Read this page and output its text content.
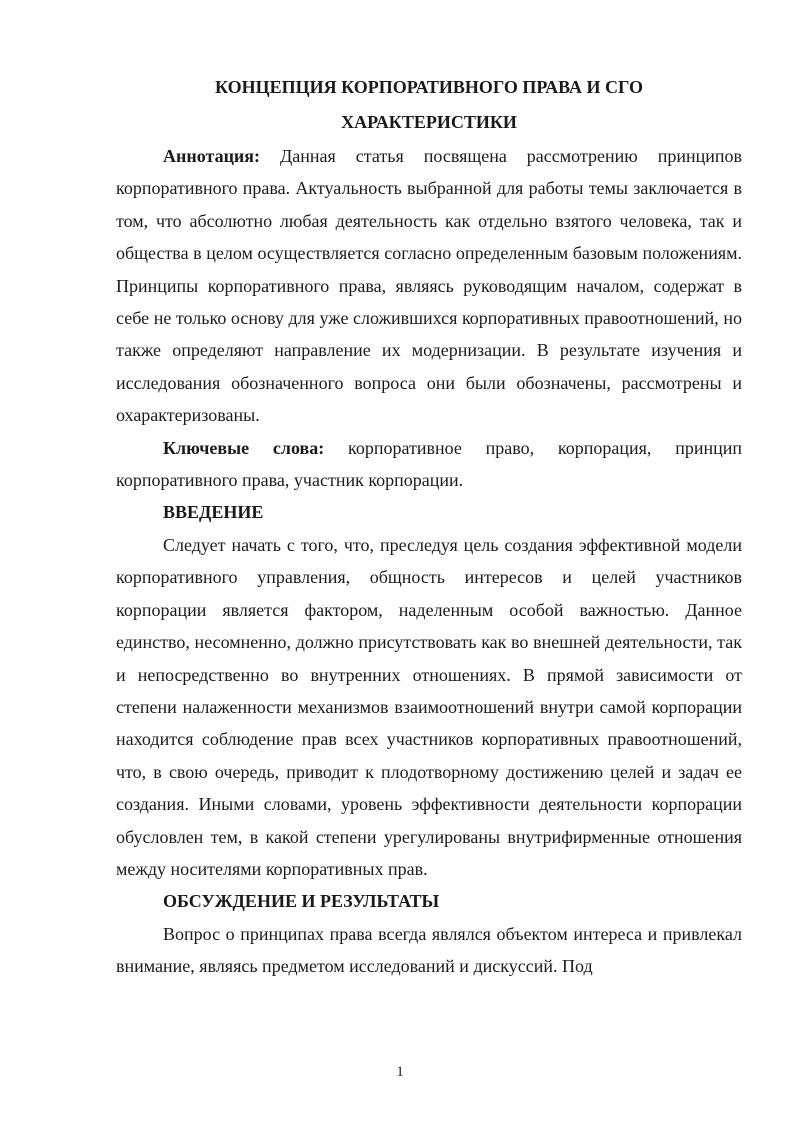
КОНЦЕПЦИЯ КОРПОРАТИВНОГО ПРАВА И СГО
ХАРАКТЕРИСТИКИ

Аннотация: Данная статья посвящена рассмотрению принципов корпоративного права. Актуальность выбранной для работы темы заключается в том, что абсолютно любая деятельность как отдельно взятого человека, так и общества в целом осуществляется согласно определенным базовым положениям. Принципы корпоративного права, являясь руководящим началом, содержат в себе не только основу для уже сложившихся корпоративных правоотношений, но также определяют направление их модернизации. В результате изучения и исследования обозначенного вопроса они были обозначены, рассмотрены и охарактеризованы.

Ключевые слова: корпоративное право, корпорация, принцип корпоративного права, участник корпорации.

ВВЕДЕНИЕ

Следует начать с того, что, преследуя цель создания эффективной модели корпоративного управления, общность интересов и целей участников корпорации является фактором, наделенным особой важностью. Данное единство, несомненно, должно присутствовать как во внешней деятельности, так и непосредственно во внутренних отношениях. В прямой зависимости от степени налаженности механизмов взаимоотношений внутри самой корпорации находится соблюдение прав всех участников корпоративных правоотношений, что, в свою очередь, приводит к плодотворному достижению целей и задач ее создания. Иными словами, уровень эффективности деятельности корпорации обусловлен тем, в какой степени урегулированы внутрифирменные отношения между носителями корпоративных прав.

ОБСУЖДЕНИЕ И РЕЗУЛЬТАТЫ

Вопрос о принципах права всегда являлся объектом интереса и привлекал внимание, являясь предметом исследований и дискуссий. Под

1
